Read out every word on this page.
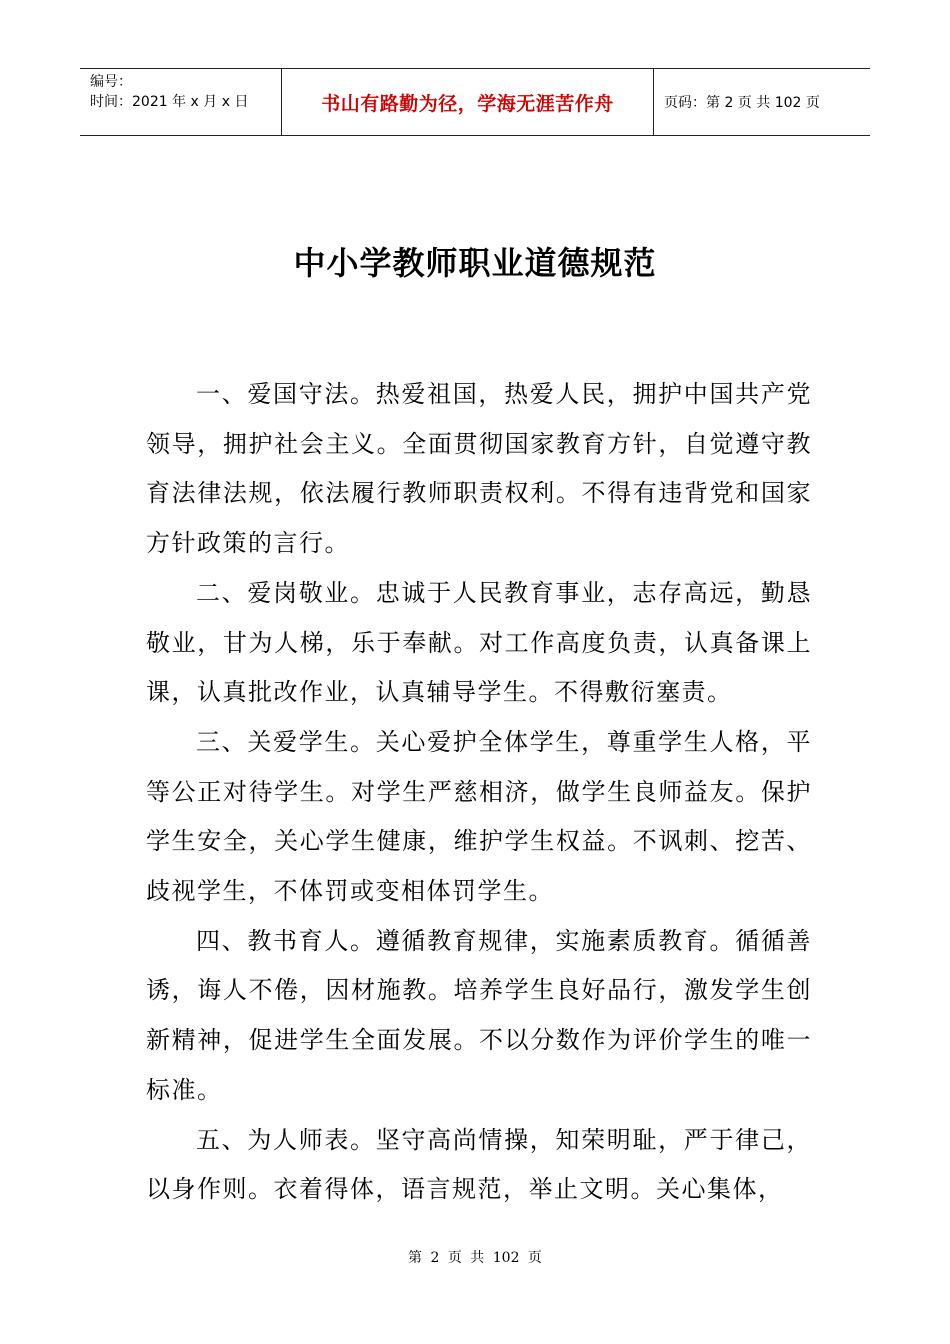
编号：
时间：2021 年 x 月 x 日	书山有路勤为径，学海无涯苦作舟	页码：第 2 页 共 102 页
中小学教师职业道德规范

一、爱国守法。热爱祖国，热爱人民，拥护中国共产党领导，拥护社会主义。全面贯彻国家教育方针，自觉遵守教育法律法规，依法履行教师职责权利。不得有违背党和国家方针政策的言行。

二、爱岗敬业。忠诚于人民教育事业，志存高远，勤恳敬业，甘为人梯，乐于奉献。对工作高度负责，认真备课上课，认真批改作业，认真辅导学生。不得敷衍塞责。

三、关爱学生。关心爱护全体学生，尊重学生人格，平等公正对待学生。对学生严慈相济，做学生良师益友。保护学生安全，关心学生健康，维护学生权益。不讽刺、挖苦、歧视学生，不体罚或变相体罚学生。

四、教书育人。遵循教育规律，实施素质教育。循循善诱，诲人不倦，因材施教。培养学生良好品行，激发学生创新精神，促进学生全面发展。不以分数作为评价学生的唯一标准。

五、为人师表。坚守高尚情操，知荣明耻，严于律己，以身作则。衣着得体，语言规范，举止文明。关心集体，

第 2 页 共 102 页
